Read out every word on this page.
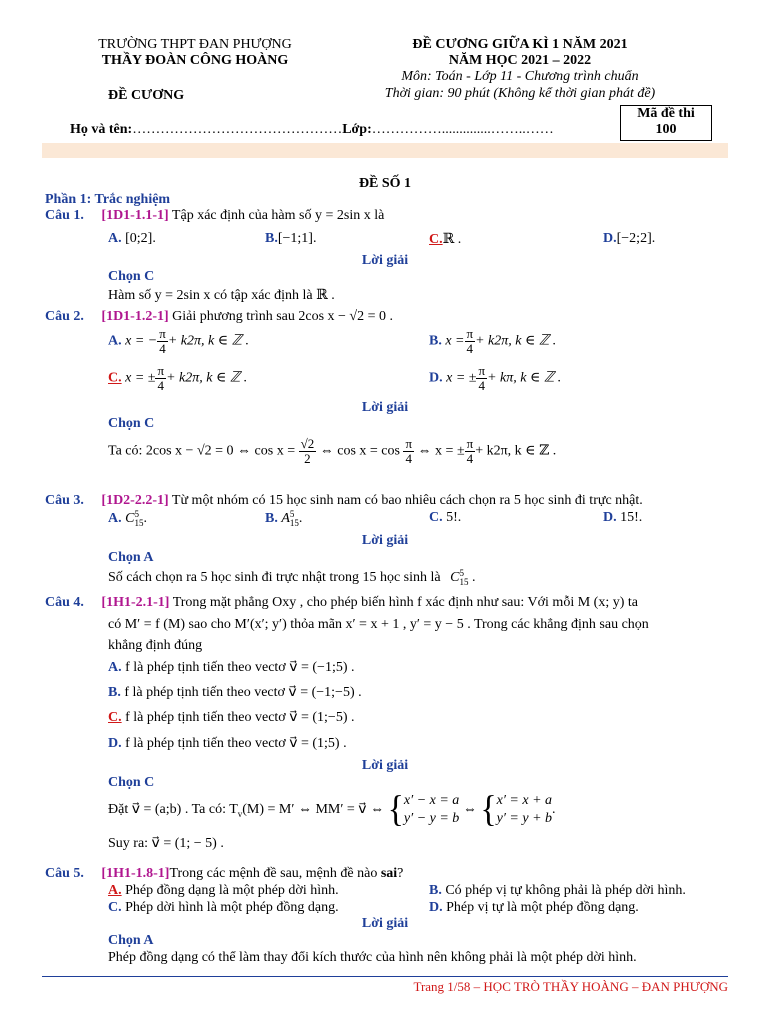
TRƯỜNG THPT ĐAN PHƯỢNG
THẦY ĐOÀN CÔNG HOÀNG
ĐỀ CƯƠNG
ĐỀ CƯƠNG GIỮA KÌ 1 NĂM 2021
NĂM HỌC 2021 – 2022
Môn: Toán - Lớp 11 - Chương trình chuẩn
Thời gian: 90 phút (Không kể thời gian phát đề)
Họ và tên:………………………………………Lớp:……………..............……..……
Mã đề thi
100
ĐỀ SỐ 1
Phần 1: Trắc nghiệm
Câu 1. [1D1-1.1-1] Tập xác định của hàm số y = 2sin x là
A. [0;2].	B.[−1;1].	C.ℝ .	D.[−2;2].
Lời giải
Chọn C
Hàm số y = 2sin x có tập xác định là ℝ .
Câu 2. [1D1-1.2-1] Giải phương trình sau 2cos x − √2 = 0 .
A. x = − $\frac{\pi}{4} + k2\pi$, k ∈ ℤ .	B. $x = \frac{\pi}{4} + k2\pi$, k ∈ ℤ .
C. x = ± $\frac{\pi}{4} + k2\pi$, k ∈ ℤ .	D. x = ± $\frac{\pi}{4} + k\pi$, k ∈ ℤ .
Lời giải
Chọn C
Ta có: 2cos x − √2 = 0 ⇔ $\cos x = \frac{√2}{2}$ ⇔ $\cos x = \cos \frac{\pi}{4}$ ⇔ x = ± $\frac{\pi}{4} + k2\pi$, k ∈ ℤ .
Câu 3. [1D2-2.2-1] Từ một nhóm có 15 học sinh nam có bao nhiêu cách chọn ra 5 học sinh đi trực nhật.
A. C 5
15 .	B. A 5
15 .	C. 5!.	D. 15!.
Lời giải
Chọn A
Số cách chọn ra 5 học sinh đi trực nhật trong 15 học sinh là C 5
15 .
Câu 4. [1H1-2.1-1] Trong mặt phẳng Oxy , cho phép biến hình f xác định như sau: Với mỗi M (x; y) ta
có M′ = f (M) sao cho M′(x′; y′) thỏa mãn x′ = x + 1 , y′ = y − 5 . Trong các khẳng định sau chọn
khẳng định đúng
A. f là phép tịnh tiến theo vectơ v⃗ = (−1;5) .
B. f là phép tịnh tiến theo vectơ v⃗ = (−1;−5) .
C. f là phép tịnh tiến theo vectơ v⃗ = (1;−5) .
D. f là phép tịnh tiến theo vectơ v⃗ = (1;5) .
Lời giải
Chọn C
Đặt v⃗ = (a;b) . Ta có: $T_v(M) = M'$ ⇔ MM′ = v⃗ ⇔ { x′ − x = a
y′ − y = b
⇔ { x′ = x + a
y′ = y + b
.
Suy ra: v⃗ = (1; − 5) .
Câu 5. [1H1-1.8-1]Trong các mệnh đề sau, mệnh đề nào sai?
A. Phép đồng dạng là một phép dời hình.	B. Có phép vị tự không phải là phép dời hình.
C. Phép dời hình là một phép đồng dạng.	D. Phép vị tự là một phép đồng dạng.
Lời giải
Chọn A
Phép đồng dạng có thể làm thay đổi kích thước của hình nên không phải là một phép dời hình.
Trang 1/58 – HỌC TRÒ THẦY HOÀNG – ĐAN PHƯỢNG
